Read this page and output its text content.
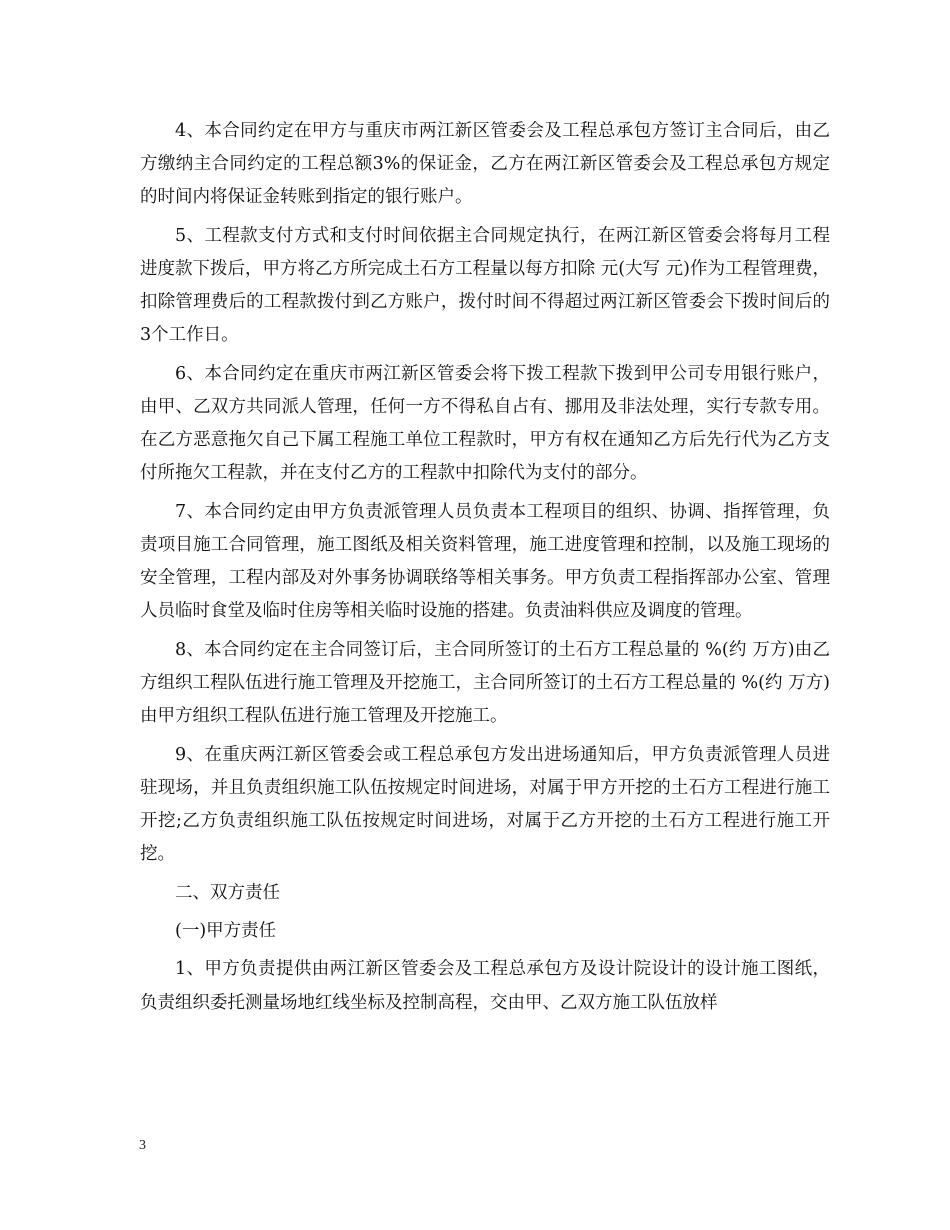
4、本合同约定在甲方与重庆市两江新区管委会及工程总承包方签订主合同后，由乙方缴纳主合同约定的工程总额3%的保证金，乙方在两江新区管委会及工程总承包方规定的时间内将保证金转账到指定的银行账户。

5、工程款支付方式和支付时间依据主合同规定执行，在两江新区管委会将每月工程进度款下拨后，甲方将乙方所完成土石方工程量以每方扣除 元(大写 元)作为工程管理费，扣除管理费后的工程款拨付到乙方账户，拨付时间不得超过两江新区管委会下拨时间后的3个工作日。

6、本合同约定在重庆市两江新区管委会将下拨工程款下拨到甲公司专用银行账户，由甲、乙双方共同派人管理，任何一方不得私自占有、挪用及非法处理，实行专款专用。在乙方恶意拖欠自己下属工程施工单位工程款时，甲方有权在通知乙方后先行代为乙方支付所拖欠工程款，并在支付乙方的工程款中扣除代为支付的部分。

7、本合同约定由甲方负责派管理人员负责本工程项目的组织、协调、指挥管理，负责项目施工合同管理，施工图纸及相关资料管理，施工进度管理和控制，以及施工现场的安全管理，工程内部及对外事务协调联络等相关事务。甲方负责工程指挥部办公室、管理人员临时食堂及临时住房等相关临时设施的搭建。负责油料供应及调度的管理。

8、本合同约定在主合同签订后，主合同所签订的土石方工程总量的 %(约 万方)由乙方组织工程队伍进行施工管理及开挖施工，主合同所签订的土石方工程总量的 %(约 万方)由甲方组织工程队伍进行施工管理及开挖施工。

9、在重庆两江新区管委会或工程总承包方发出进场通知后，甲方负责派管理人员进驻现场，并且负责组织施工队伍按规定时间进场，对属于甲方开挖的土石方工程进行施工开挖;乙方负责组织施工队伍按规定时间进场，对属于乙方开挖的土石方工程进行施工开挖。

二、双方责任

(一)甲方责任

1、甲方负责提供由两江新区管委会及工程总承包方及设计院设计的设计施工图纸，负责组织委托测量场地红线坐标及控制高程，交由甲、乙双方施工队伍放样

3
